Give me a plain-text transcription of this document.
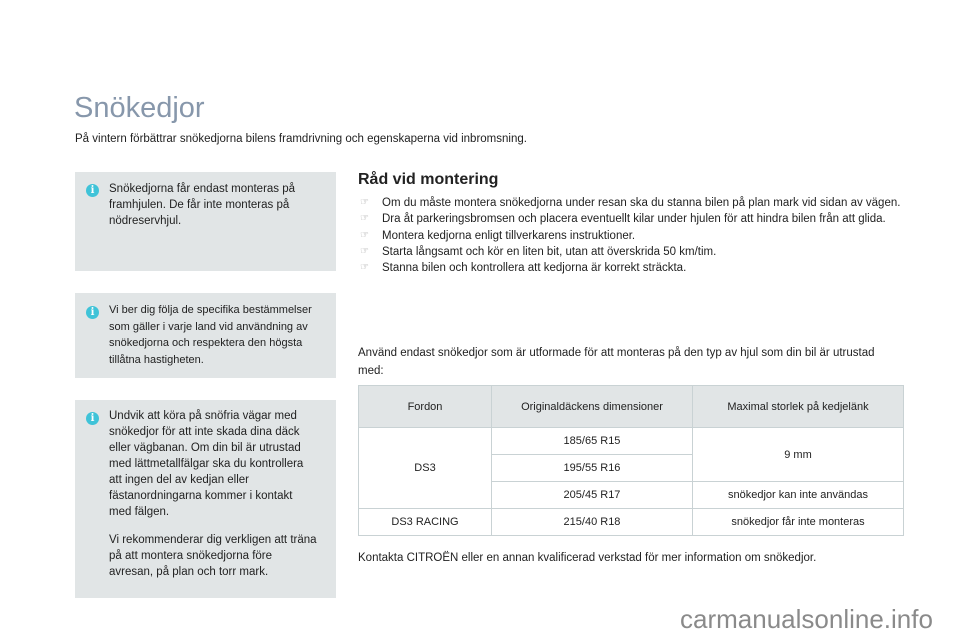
Snökedjor
På vintern förbättrar snökedjorna bilens framdrivning och egenskaperna vid inbromsning.
i	Snökedjorna får endast monteras på framhjulen. De får inte monteras på nödreservhjul.

i	Vi ber dig följa de specifika bestämmelser som gäller i varje land vid användning av snökedjorna och respektera den högsta tillåtna hastigheten.

i	Undvik att köra på snöfria vägar med snökedjor för att inte skada dina däck eller vägbanan. Om din bil är utrustad med lättmetallfälgar ska du kontrollera att ingen del av kedjan eller fästanordningarna kommer i kontakt med fälgen.

Vi rekommenderar dig verkligen att träna på att montera snökedjorna före avresan, på plan och torr mark.

Råd vid montering
☞ Om du måste montera snökedjorna under resan ska du stanna bilen på plan mark vid sidan av vägen.
☞ Dra åt parkeringsbromsen och placera eventuellt kilar under hjulen för att hindra bilen från att glida.
☞ Montera kedjorna enligt tillverkarens instruktioner.
☞ Starta långsamt och kör en liten bit, utan att överskrida 50 km/tim.
☞ Stanna bilen och kontrollera att kedjorna är korrekt sträckta.
Använd endast snökedjor som är utformade för att monteras på den typ av hjul som din bil är utrustad med:
Fordon	Originaldäckens dimensioner	Maximal storlek på kedjelänk
DS3	185/65 R15	9 mm
	195/55 R16	
	205/45 R17	snökedjor kan inte användas
DS3 RACING	215/40 R18	snökedjor får inte monteras
Kontakta CITROËN eller en annan kvalificerad verkstad för mer information om snökedjor.
carmanualsonline.info
